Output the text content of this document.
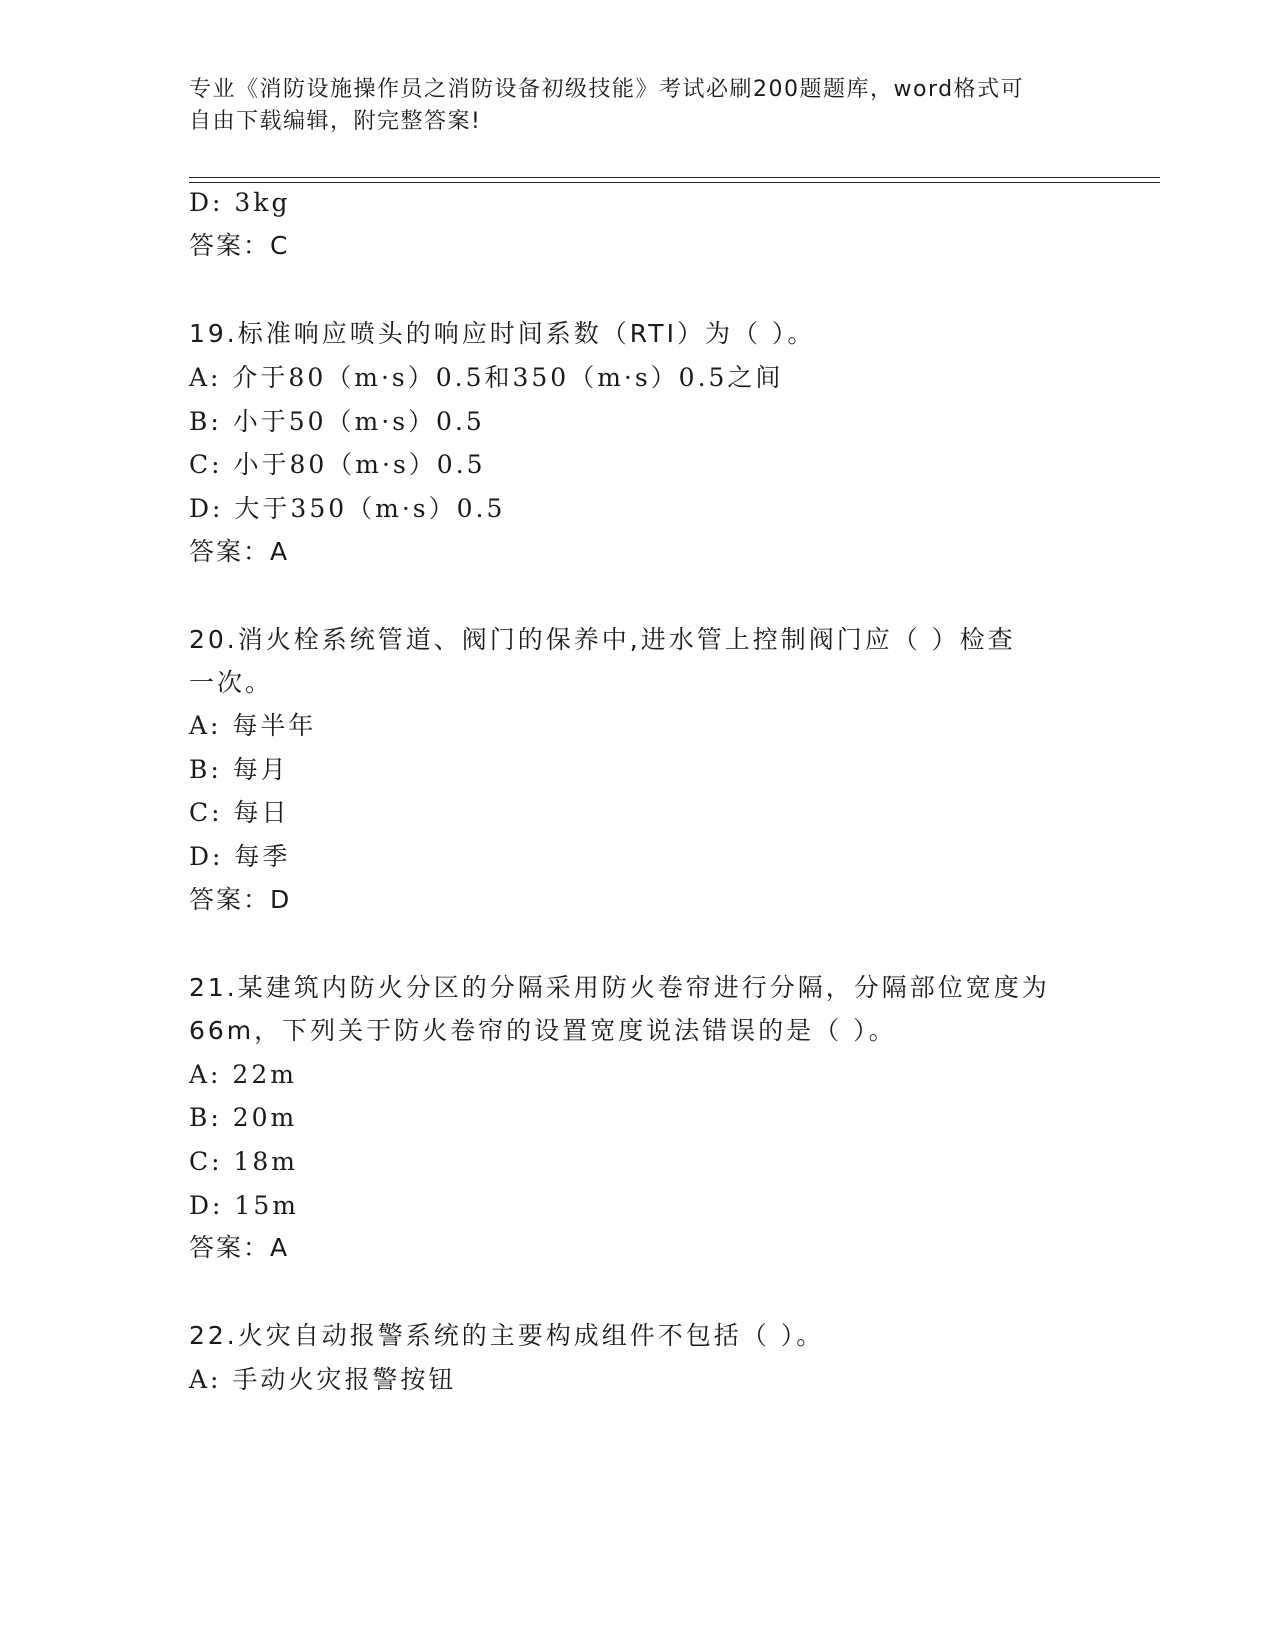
专业《消防设施操作员之消防设备初级技能》考试必刷200题题库，word格式可
自由下载编辑，附完整答案!
D: 3kg
答案：C
19.标准响应喷头的响应时间系数（RTI）为（ ）。
A: 介于80（m·s）0.5和350（m·s）0.5之间
B: 小于50（m·s）0.5
C: 小于80（m·s）0.5
D: 大于350（m·s）0.5
答案：A
20.消火栓系统管道、阀门的保养中,进水管上控制阀门应（ ）检查
一次。
A: 每半年
B: 每月
C: 每日
D: 每季
答案：D
21.某建筑内防火分区的分隔采用防火卷帘进行分隔，分隔部位宽度为
66m，下列关于防火卷帘的设置宽度说法错误的是（ ）。
A: 22m
B: 20m
C: 18m
D: 15m
答案：A
22.火灾自动报警系统的主要构成组件不包括（ ）。
A: 手动火灾报警按钮
